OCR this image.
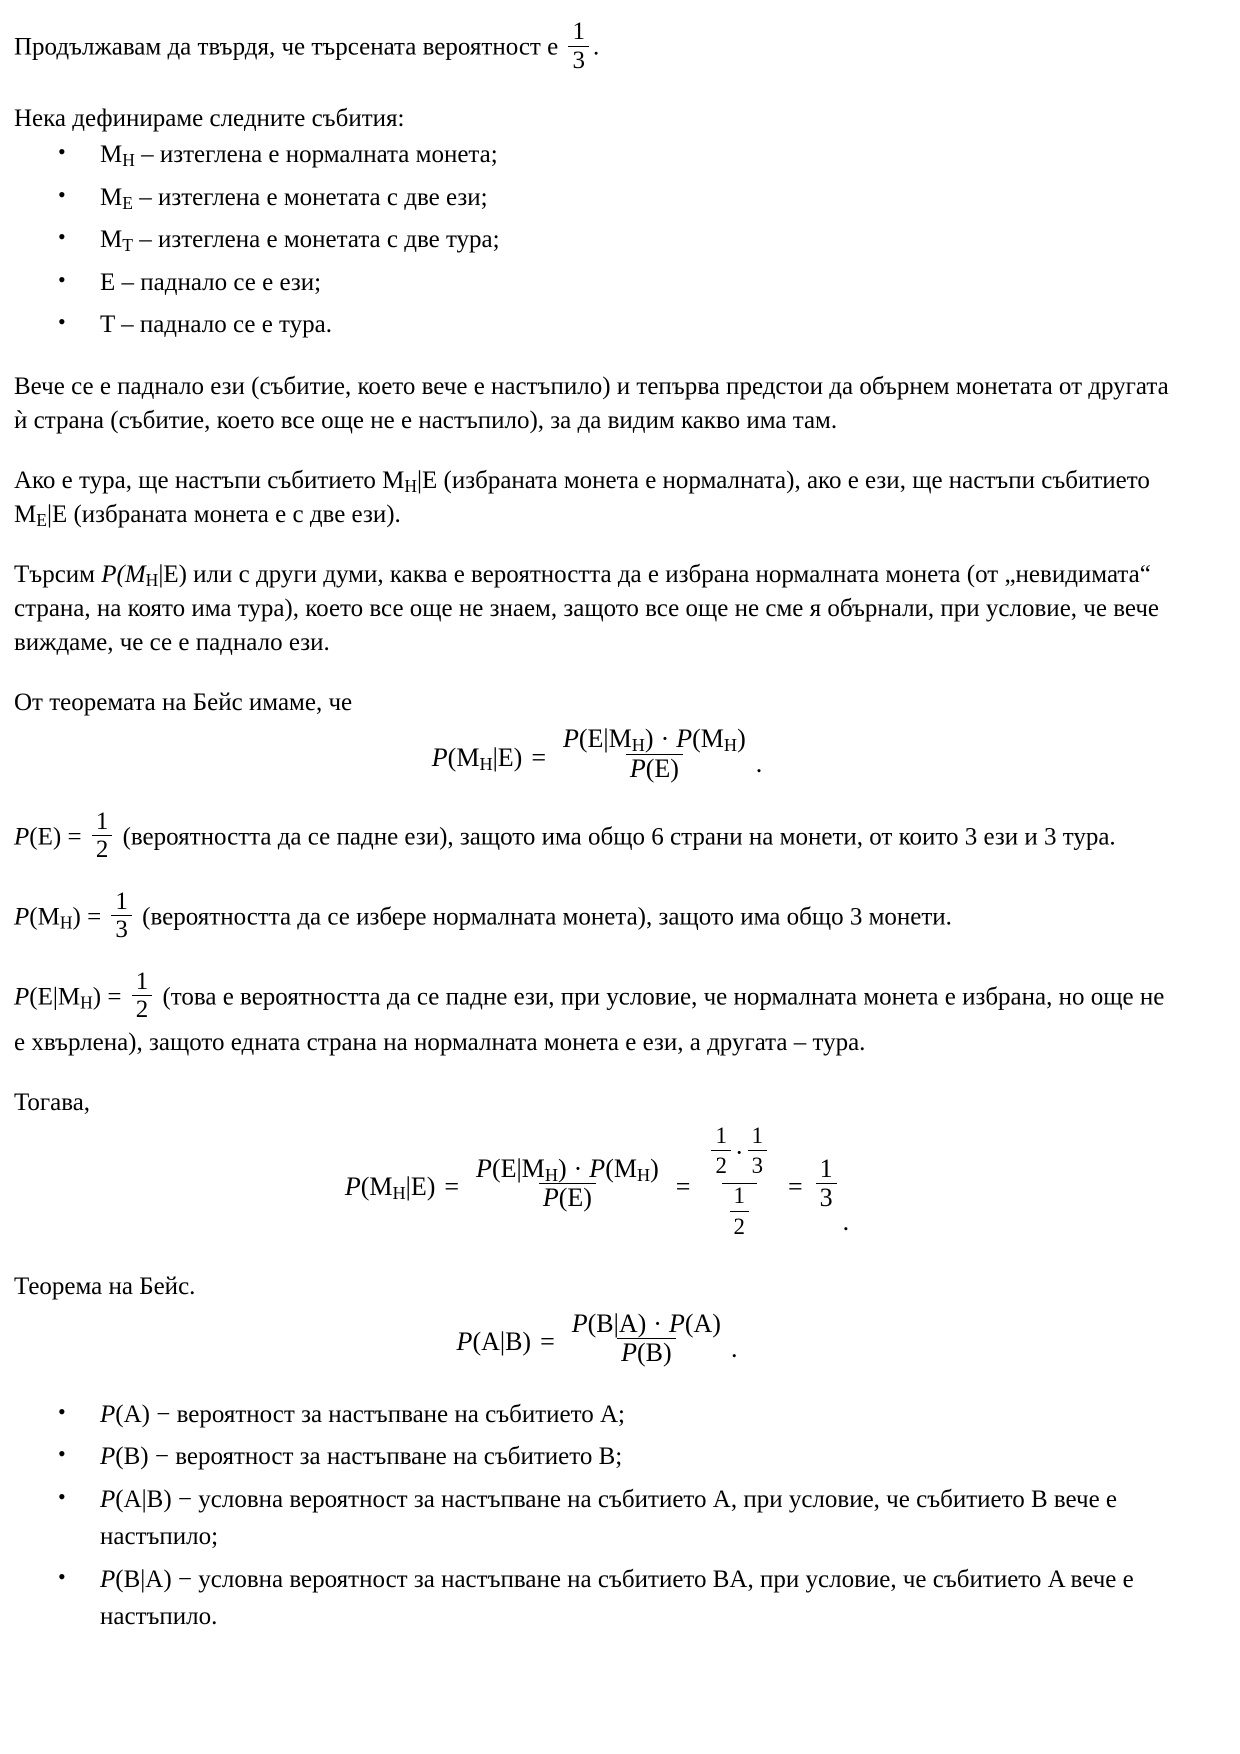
Продължавам да твърдя, че търсената вероятност е $\frac{1}{3}$ .

Нека дефинираме следните събития:

• $M_H$ – изтеглена е нормалната монета;
• $M_E$ – изтеглена е монетата с две ези;
• $M_T$ – изтеглена е монетата с две тура;
• E – паднало се е ези;
• T – паднало се е тура.

Вече се е паднало ези (събитие, което вече е настъпило) и тепърва предстои да обърнем монетата от другата ѝ страна (събитие, което все още не е настъпило), за да видим какво има там.

Ако е тура, ще настъпи събитието $M_H|E$ (избраната монета е нормалната), ако е ези, ще настъпи събитието $M_E|E$ (избраната монета е с две ези).

Търсим $P(M_H|E)$ или с други думи, каква е вероятността да е избрана нормалната монета (от „невидимата“ страна, на която има тура), което все още не знаем, защото все още не сме я обърнали, при условие, че вече виждаме, че се е паднало ези.

От теоремата на Бейс имаме, че

$P(M_H|E) = \frac{P(E|M_H) \cdot P(M_H)}{P(E)}$ .

$P(E) = \frac{1}{2}$ (вероятността да се падне ези), защото има общо 6 страни на монети, от които 3 ези и 3 тура.

$P(M_H) = \frac{1}{3}$ (вероятността да се избере нормалната монета), защото има общо 3 монети.

$P(E|M_H) = \frac{1}{2}$ (това е вероятността да се падне ези, при условие, че нормалната монета е избрана, но още не е хвърлена), защото едната страна на нормалната монета е ези, а другата – тура.

Тогава,

$P(M_H|E) = \frac{P(E|M_H) \cdot P(M_H)}{P(E)}$ =
$\frac{1}{2} \cdot \frac{1}{3}$
$\frac{1}{2} = \frac{1}{3}$
.

Теорема на Бейс.

$P(A|B) = \frac{P(B|A) \cdot P(A)}{P(B)}$ .
• P(A) − вероятност за настъпване на събитието A;
• P(B) − вероятност за настъпване на събитието B;
• P(A|B) − условна вероятност за настъпване на събитието A, при условие, че събитието B вече е настъпило;
• P(B|A) − условна вероятност за настъпване на събитието BA, при условие, че събитието A вече е настъпило.
